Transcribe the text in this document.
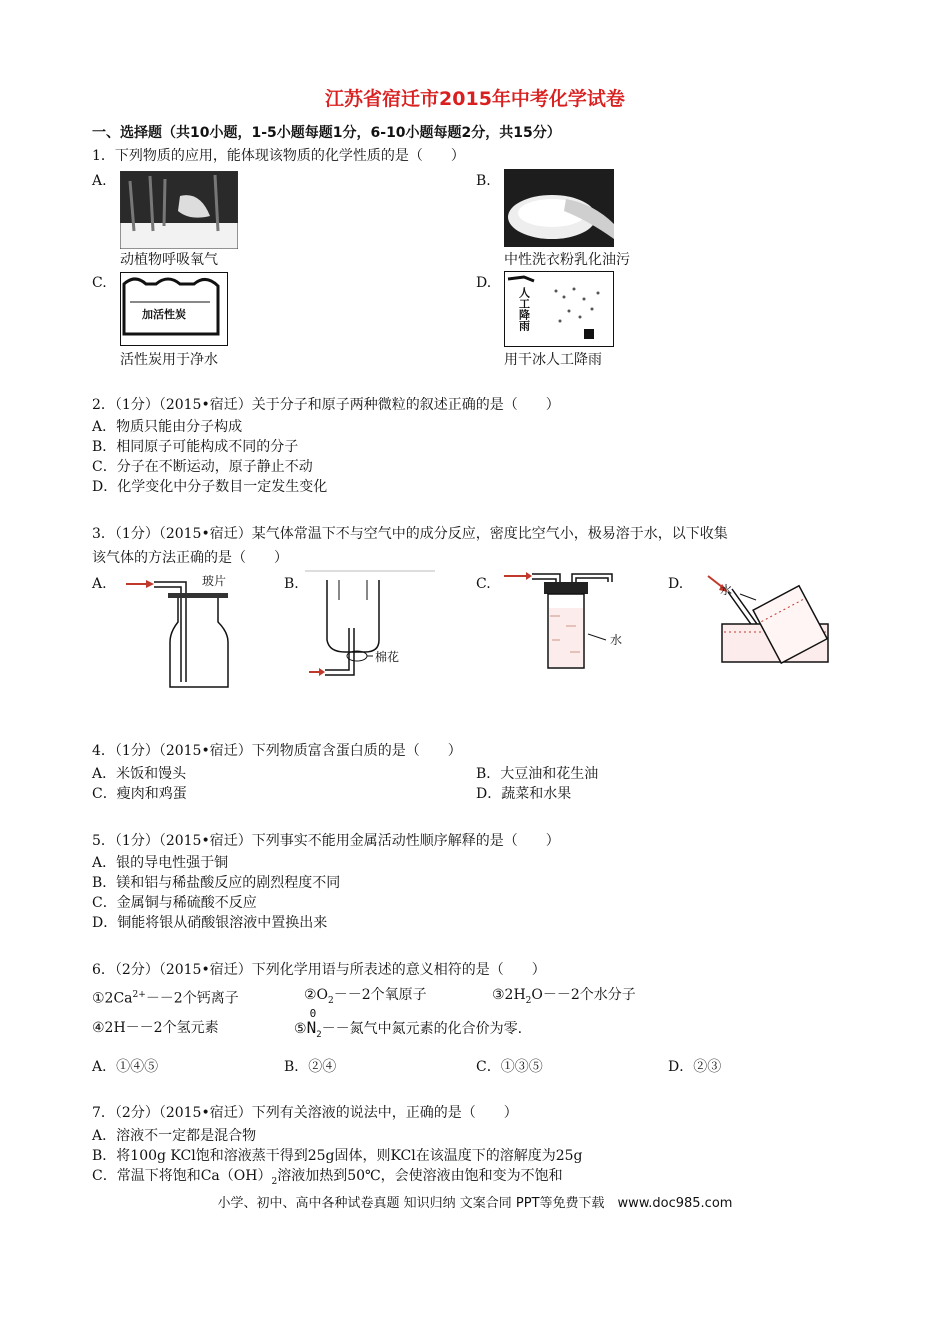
江苏省宿迁市2015年中考化学试卷
一、选择题（共10小题，1-5小题每题1分，6-10小题每题2分，共15分）
1．下列物质的应用，能体现该物质的化学性质的是（　　）
A.
动植物呼吸氧气
B.
中性洗衣粉乳化油污
C.
加活性炭
活性炭用于净水
D.
人工降雨
用干冰人工降雨
2．（1分）（2015•宿迁）关于分子和原子两种微粒的叙述正确的是（　　）
A．物质只能由分子构成
B．相同原子可能构成不同的分子
C．分子在不断运动，原子静止不动
D．化学变化中分子数目一定发生变化
3．（1分）（2015•宿迁）某气体常温下不与空气中的成分反应，密度比空气小，极易溶于水，以下收集
该气体的方法正确的是（　　）
A.	玻片	B.
棉花
C.
水
D.	水
4．（1分）（2015•宿迁）下列物质富含蛋白质的是（　　）
A．米饭和馒头	B．大豆油和花生油
C．瘦肉和鸡蛋	D．蔬菜和水果
5．（1分）（2015•宿迁）下列事实不能用金属活动性顺序解释的是（　　）
A．银的导电性强于铜
B．镁和铝与稀盐酸反应的剧烈程度不同
C．金属铜与稀硫酸不反应
D．铜能将银从硝酸银溶液中置换出来
6．（2分）（2015•宿迁）下列化学用语与所表述的意义相符的是（　　）
$①2Ca^{2+}--2$个钙离子	$②O_2--2$个氧原子	$③2H_2O--2$个水分子
④2H－－2个氢元素	⑤
0
$N_2--$氮气中氮元素的化合价为零.
A．①④⑤	B．②④	C．①③⑤	D．②③
7．（2分）（2015•宿迁）下列有关溶液的说法中，正确的是（　　）
A．溶液不一定都是混合物
B．将100g KCl饱和溶液蒸干得到25g固体，则KCl在该温度下的溶解度为25g
C．常温下将饱和$Ca(OH)_2$溶液加热到50℃，会使溶液由饱和变为不饱和
小学、初中、高中各种试卷真题 知识归纳 文案合同 PPT等免费下载　www.doc985.com
